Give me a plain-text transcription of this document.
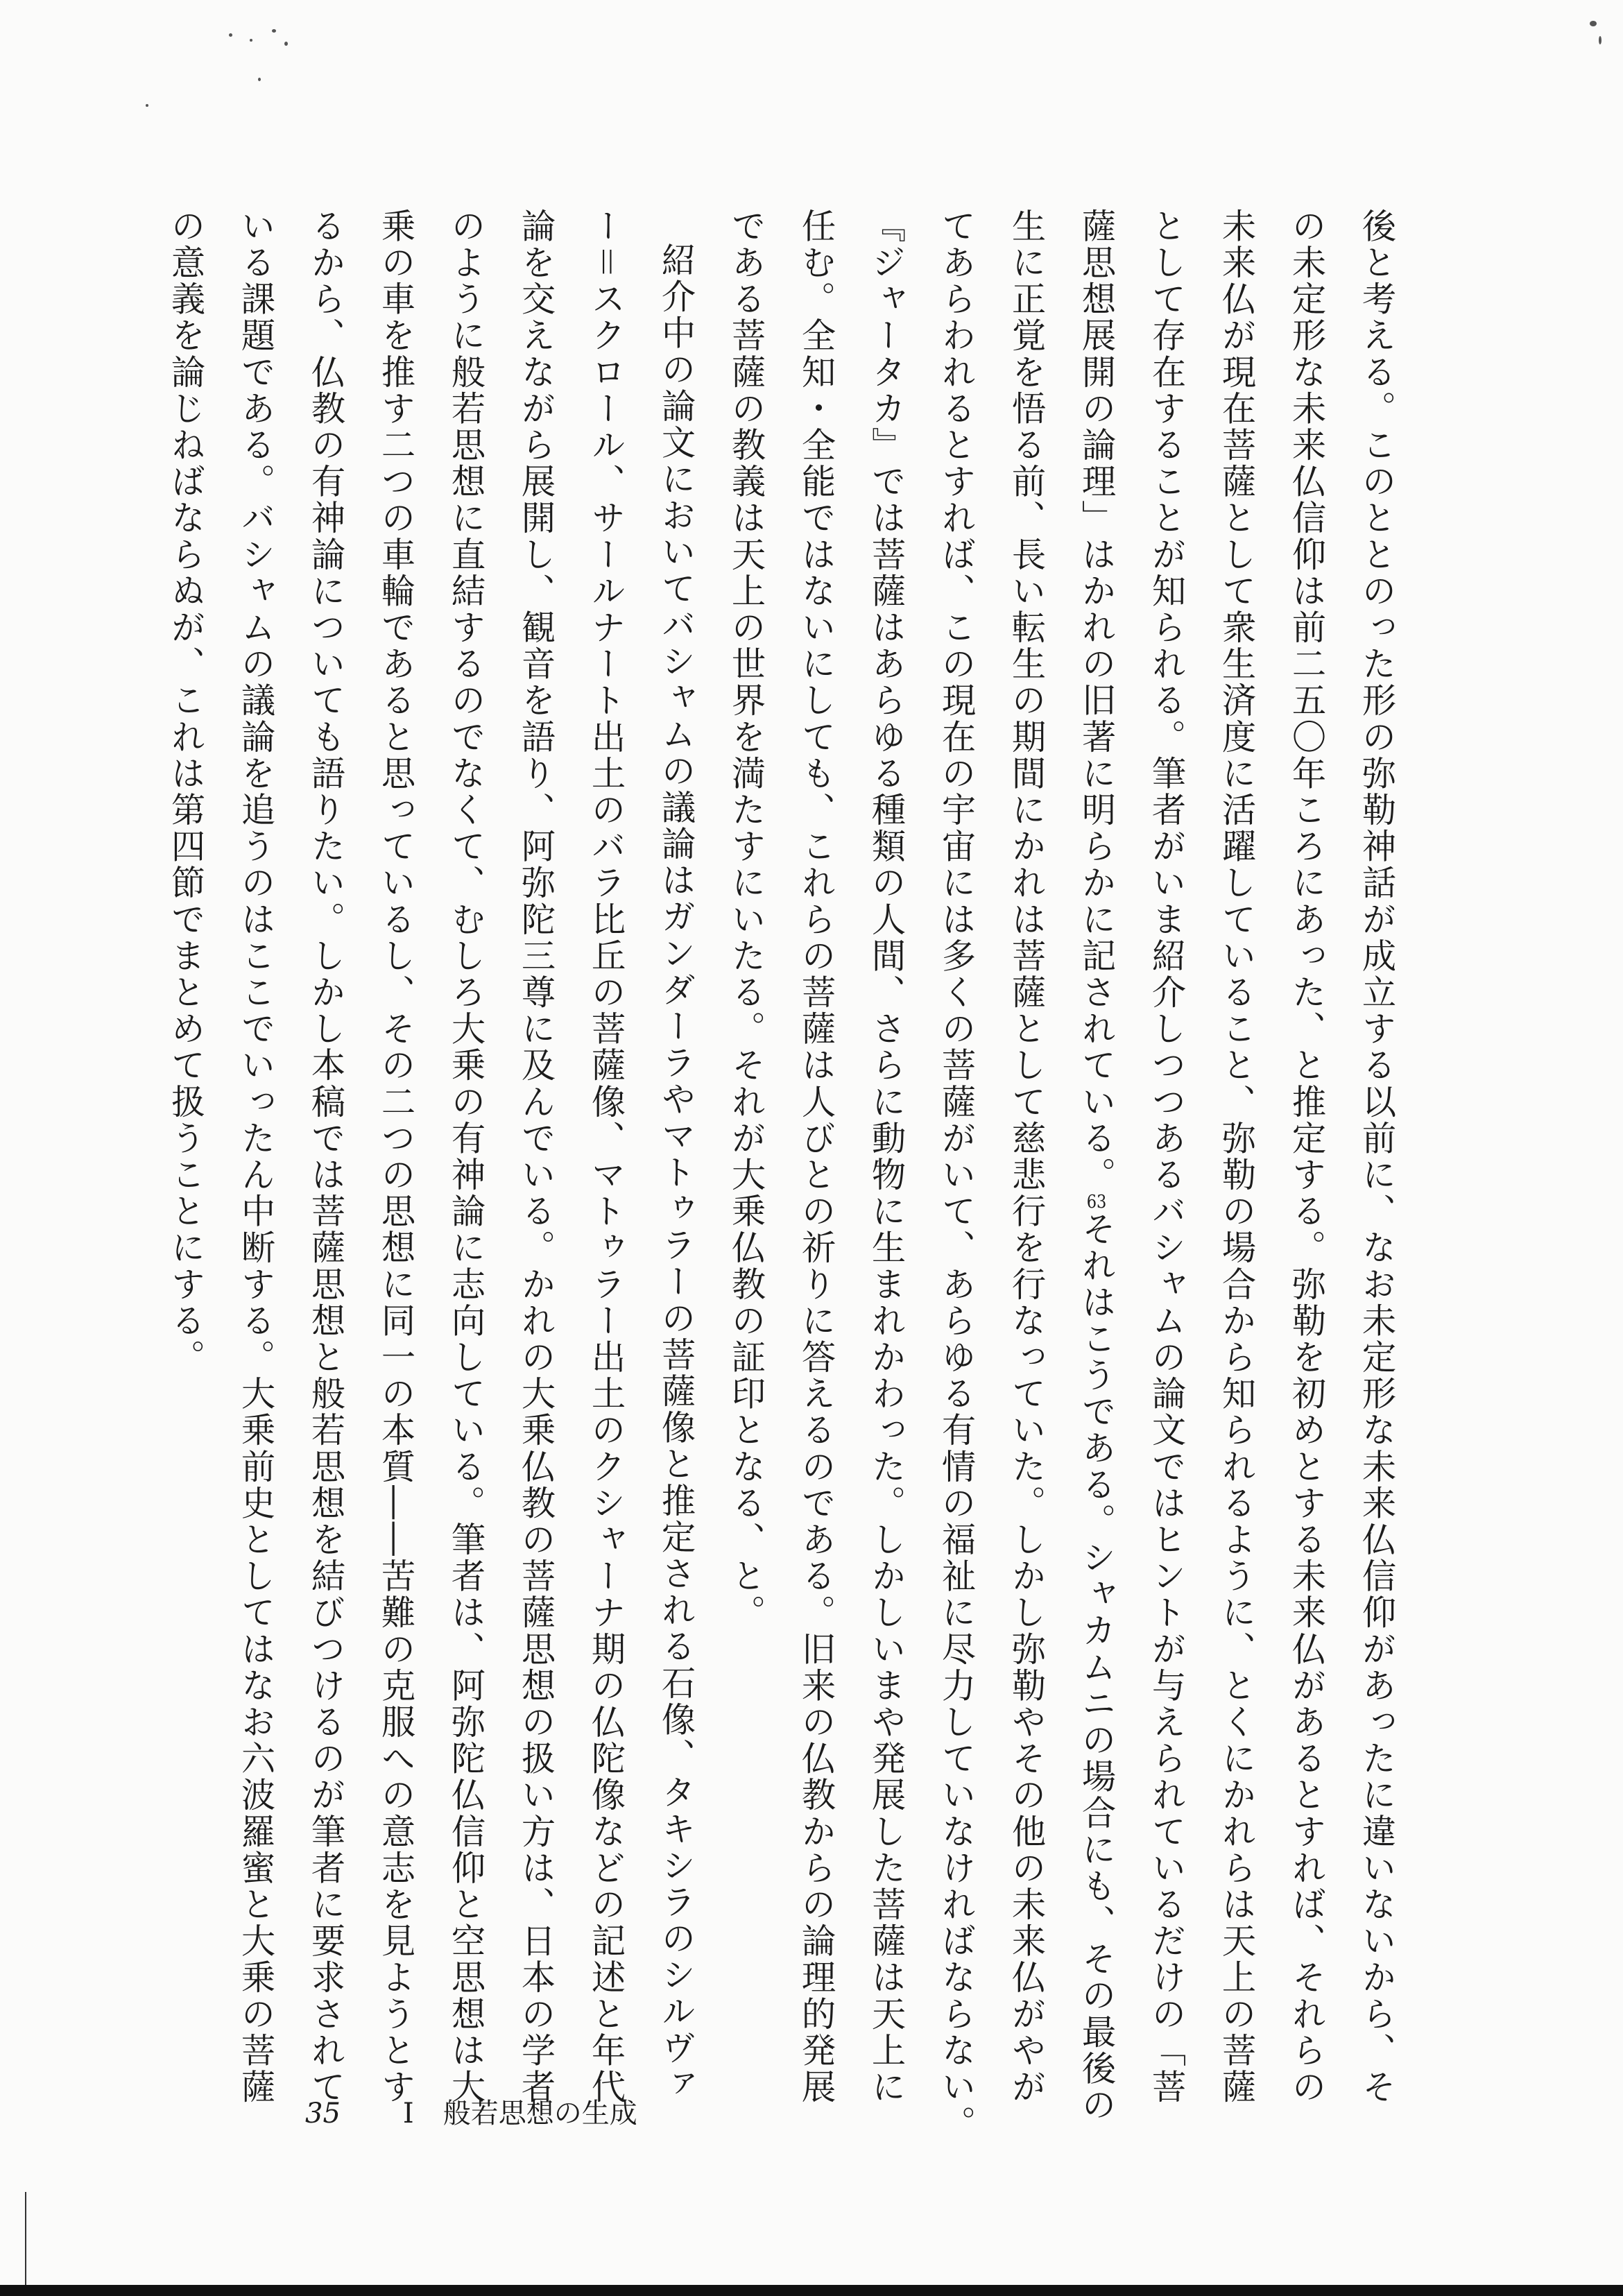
後と考える。このととのった形の弥勒神話が成立する以前に、なお未定形な未来仏信仰があったに違いないから、そ

の未定形な未来仏信仰は前二五〇年ころにあった、と推定する。弥勒を初めとする未来仏があるとすれば、それらの

未来仏が現在菩薩として衆生済度に活躍していること、弥勒の場合から知られるように、とくにかれらは天上の菩薩

として存在することが知られる。筆者がいま紹介しつつあるバシャムの論文ではヒントが与えられているだけの「菩

薩思想展開の論理」はかれの旧著に明らかに記されている。63それはこうである。シャカムニの場合にも、その最後の

生に正覚を悟る前、長い転生の期間にかれは菩薩として慈悲行を行なっていた。しかし弥勒やその他の未来仏がやが

てあらわれるとすれば、この現在の宇宙には多くの菩薩がいて、あらゆる有情の福祉に尽力していなければならない。

『ジャータカ』では菩薩はあらゆる種類の人間、さらに動物に生まれかわった。しかしいまや発展した菩薩は天上に

任む。全知・全能ではないにしても、これらの菩薩は人びとの祈りに答えるのである。旧来の仏教からの論理的発展

である菩薩の教義は天上の世界を満たすにいたる。それが大乗仏教の証印となる、と。

紹介中の論文においてバシャムの議論はガンダーラやマトゥラーの菩薩像と推定される石像、タキシラのシルヴァ

ー＝スクロール、サールナート出土のバラ比丘の菩薩像、マトゥラー出土のクシャーナ期の仏陀像などの記述と年代

論を交えながら展開し、観音を語り、阿弥陀三尊に及んでいる。かれの大乗仏教の菩薩思想の扱い方は、日本の学者

のように般若思想に直結するのでなくて、むしろ大乗の有神論に志向している。筆者は、阿弥陀仏信仰と空思想は大

乗の車を推す二つの車輪であると思っているし、その二つの思想に同一の本質――苦難の克服への意志を見ようとす

るから、仏教の有神論についても語りたい。しかし本稿では菩薩思想と般若思想を結びつけるのが筆者に要求されて

いる課題である。バシャムの議論を追うのはここでいったん中断する。大乗前史としてはなお六波羅蜜と大乗の菩薩

の意義を論じねばならぬが、これは第四節でまとめて扱うことにする。

35 I 般若思想の生成
